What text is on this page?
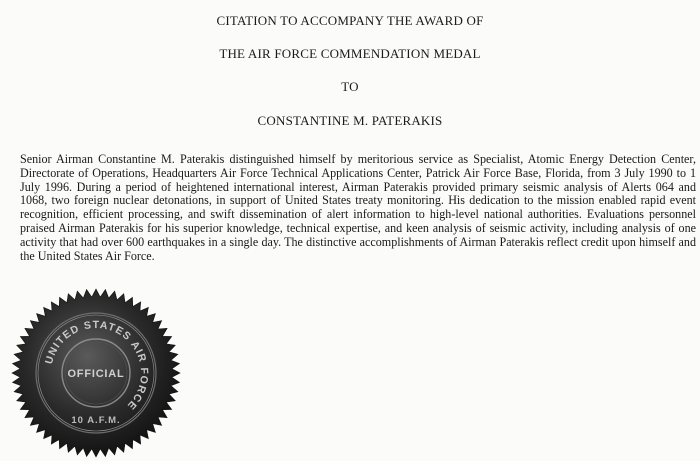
CITATION TO ACCOMPANY THE AWARD OF
THE AIR FORCE COMMENDATION MEDAL
TO
CONSTANTINE M. PATERAKIS
Senior Airman Constantine M. Paterakis distinguished himself by meritorious service as Specialist, Atomic Energy Detection Center, Directorate of Operations, Headquarters Air Force Technical Applications Center, Patrick Air Force Base, Florida, from 3 July 1990 to 1 July 1996. During a period of heightened international interest, Airman Paterakis provided primary seismic analysis of Alerts 064 and 1068, two foreign nuclear detonations, in support of United States treaty monitoring. His dedication to the mission enabled rapid event recognition, efficient processing, and swift dissemination of alert information to high-level national authorities. Evaluations personnel praised Airman Paterakis for his superior knowledge, technical expertise, and keen analysis of seismic activity, including analysis of one activity that had over 600 earthquakes in a single day. The distinctive accomplishments of Airman Paterakis reflect credit upon himself and the United States Air Force.
UNITED STATES AIR FORCE
OFFICIAL
10 A.F.M.
